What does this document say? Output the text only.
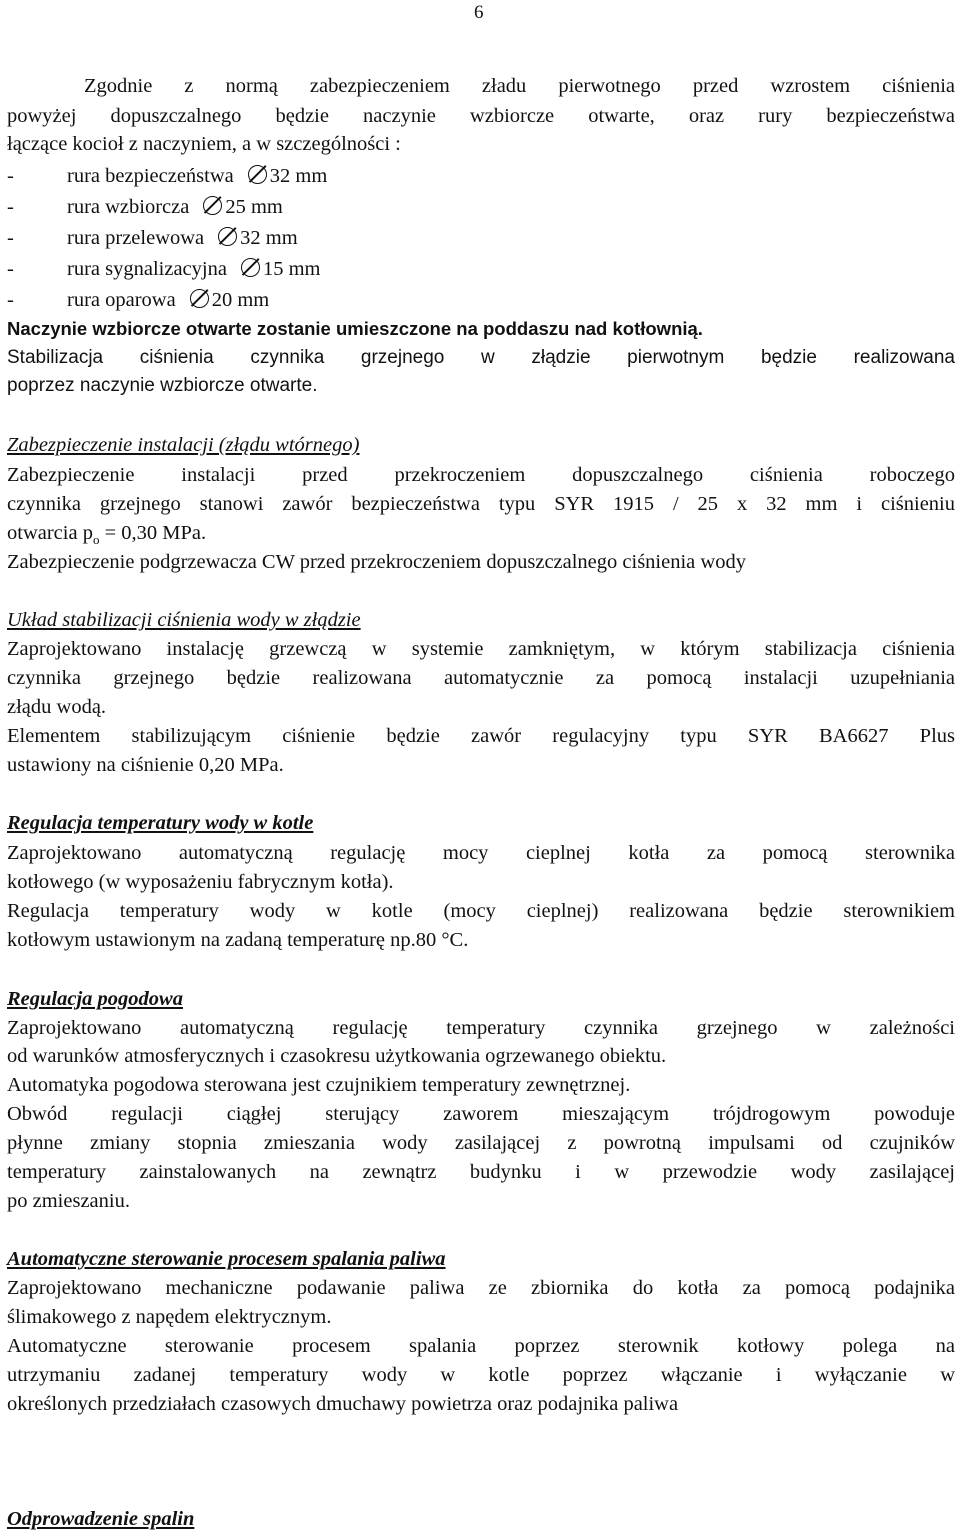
6
Zgodnie z normą zabezpieczeniem zładu pierwotnego przed wzrostem ciśnienia
powyżej dopuszczalnego będzie naczynie wzbiorcze otwarte, oraz rury bezpieczeństwa
łączące kocioł z naczyniem, a w szczególności :
-	rura bezpieczeństwa 32 mm
-	rura wzbiorcza 25 mm
-	rura przelewowa 32 mm
-	rura sygnalizacyjna 15 mm
-	rura oparowa 20 mm
Naczynie wzbiorcze otwarte zostanie umieszczone na poddaszu nad kotłownią.
Stabilizacja ciśnienia czynnika grzejnego w złądzie pierwotnym będzie realizowana
poprzez naczynie wzbiorcze otwarte.
Zabezpieczenie instalacji (złądu wtórnego)
Zabezpieczenie instalacji przed przekroczeniem dopuszczalnego ciśnienia roboczego
czynnika grzejnego stanowi zawór bezpieczeństwa typu SYR 1915 / 25 x 32 mm i ciśnieniu
otwarcia $p_o = 0,30$ MPa.
Zabezpieczenie podgrzewacza CW przed przekroczeniem dopuszczalnego ciśnienia wody
Układ stabilizacji ciśnienia wody w złądzie
Zaprojektowano instalację grzewczą w systemie zamkniętym, w którym stabilizacja ciśnienia
czynnika grzejnego będzie realizowana automatycznie za pomocą instalacji uzupełniania
złądu wodą.
Elementem stabilizującym ciśnienie będzie zawór regulacyjny typu SYR BA6627 Plus
ustawiony na ciśnienie 0,20 MPa.
Regulacja temperatury wody w kotle
Zaprojektowano automatyczną regulację mocy cieplnej kotła za pomocą sterownika
kotłowego (w wyposażeniu fabrycznym kotła).
Regulacja temperatury wody w kotle (mocy cieplnej) realizowana będzie sterownikiem
kotłowym ustawionym na zadaną temperaturę np.80 °C.
Regulacja pogodowa
Zaprojektowano automatyczną regulację temperatury czynnika grzejnego w zależności
od warunków atmosferycznych i czasokresu użytkowania ogrzewanego obiektu.
Automatyka pogodowa sterowana jest czujnikiem temperatury zewnętrznej.
Obwód regulacji ciągłej sterujący zaworem mieszającym trójdrogowym powoduje
płynne zmiany stopnia zmieszania wody zasilającej z powrotną impulsami od czujników
temperatury zainstalowanych na zewnątrz budynku i w przewodzie wody zasilającej
po zmieszaniu.
Automatyczne sterowanie procesem spalania paliwa
Zaprojektowano mechaniczne podawanie paliwa ze zbiornika do kotła za pomocą podajnika
ślimakowego z napędem elektrycznym.
Automatyczne sterowanie procesem spalania poprzez sterownik kotłowy polega na
utrzymaniu zadanej temperatury wody w kotle poprzez włączanie i wyłączanie w
określonych przedziałach czasowych dmuchawy powietrza oraz podajnika paliwa
Odprowadzenie spalin
